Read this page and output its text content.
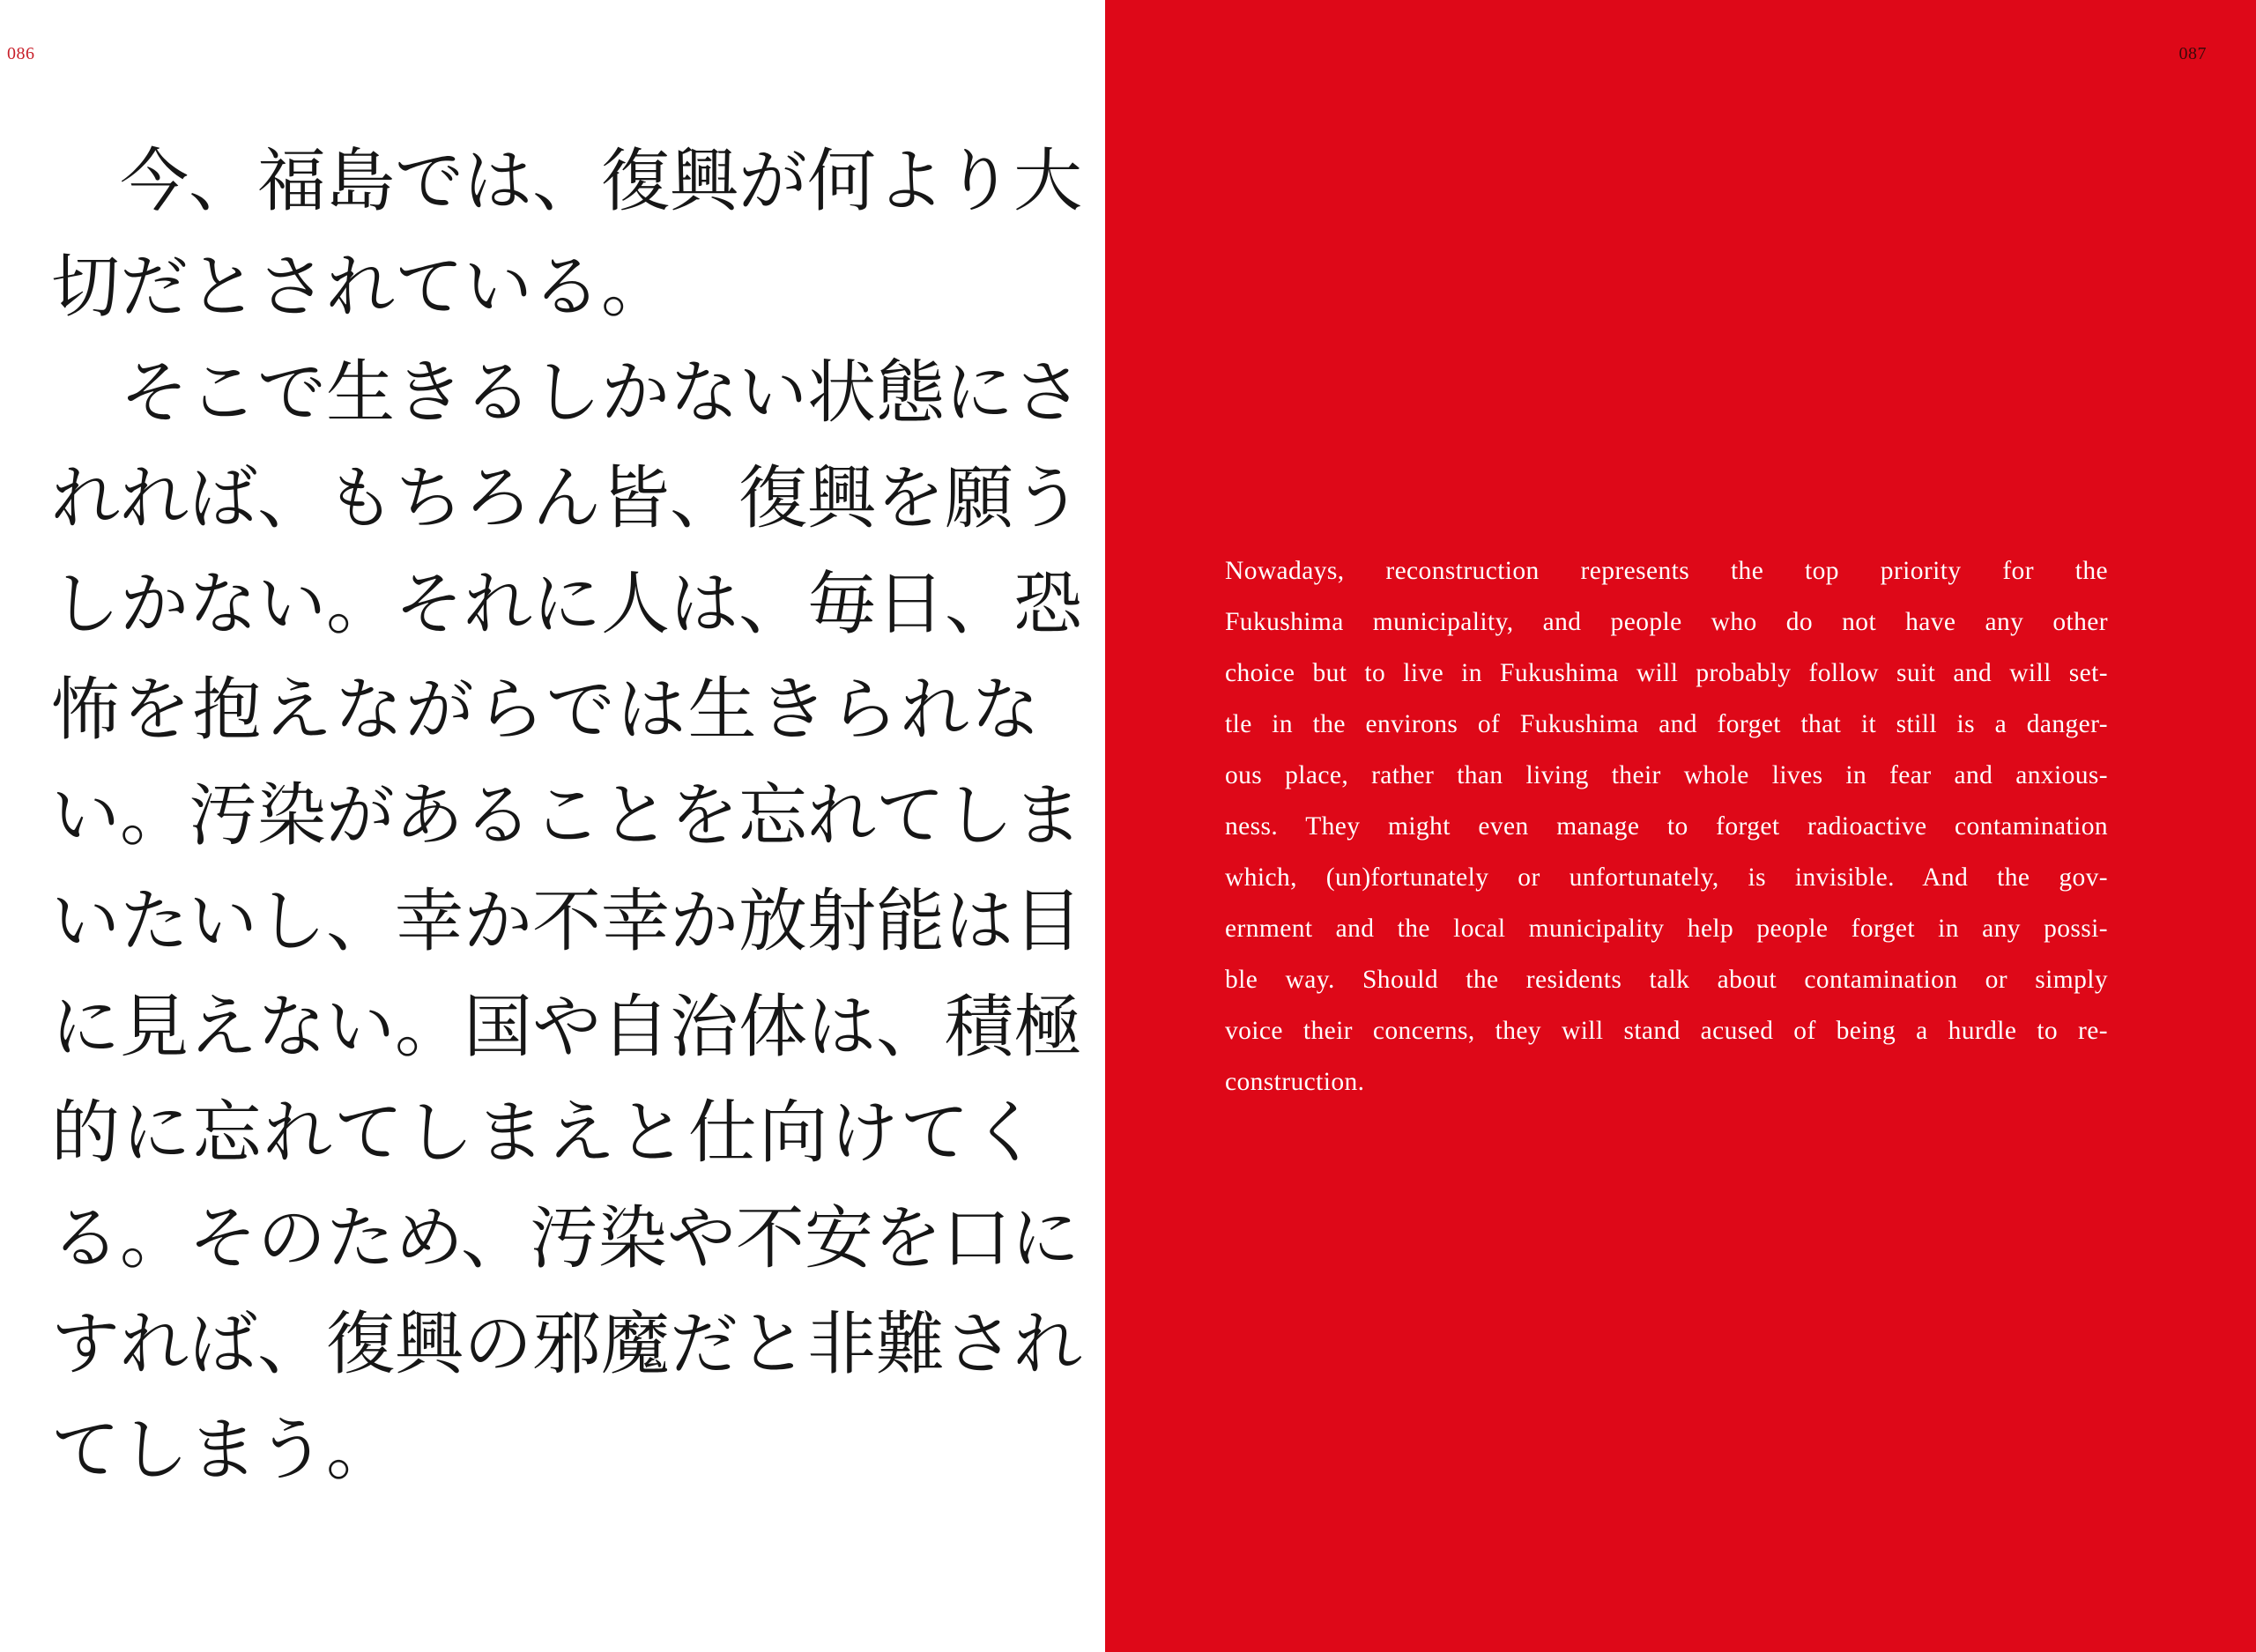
086
　今、福島では、復興が何より大
切だとされている。
　そこで生きるしかない状態にさ
れれば、もちろん皆、復興を願う
しかない。それに人は、毎日、恐
怖を抱えながらでは生きられな
い。汚染があることを忘れてしま
いたいし、幸か不幸か放射能は目
に見えない。国や自治体は、積極
的に忘れてしまえと仕向けてく
る。そのため、汚染や不安を口に
すれば、復興の邪魔だと非難され
てしまう。
087
Nowadays, reconstruction represents the top priority for the
Fukushima municipality, and people who do not have any other
choice but to live in Fukushima will probably follow suit and will set-
tle in the environs of Fukushima and forget that it still is a danger-
ous place, rather than living their whole lives in fear and anxious-
ness. They might even manage to forget radioactive contamination
which, (un)fortunately or unfortunately, is invisible. And the gov-
ernment and the local municipality help people forget in any possi-
ble way. Should the residents talk about contamination or simply
voice their concerns, they will stand acused of being a hurdle to re-
construction.
